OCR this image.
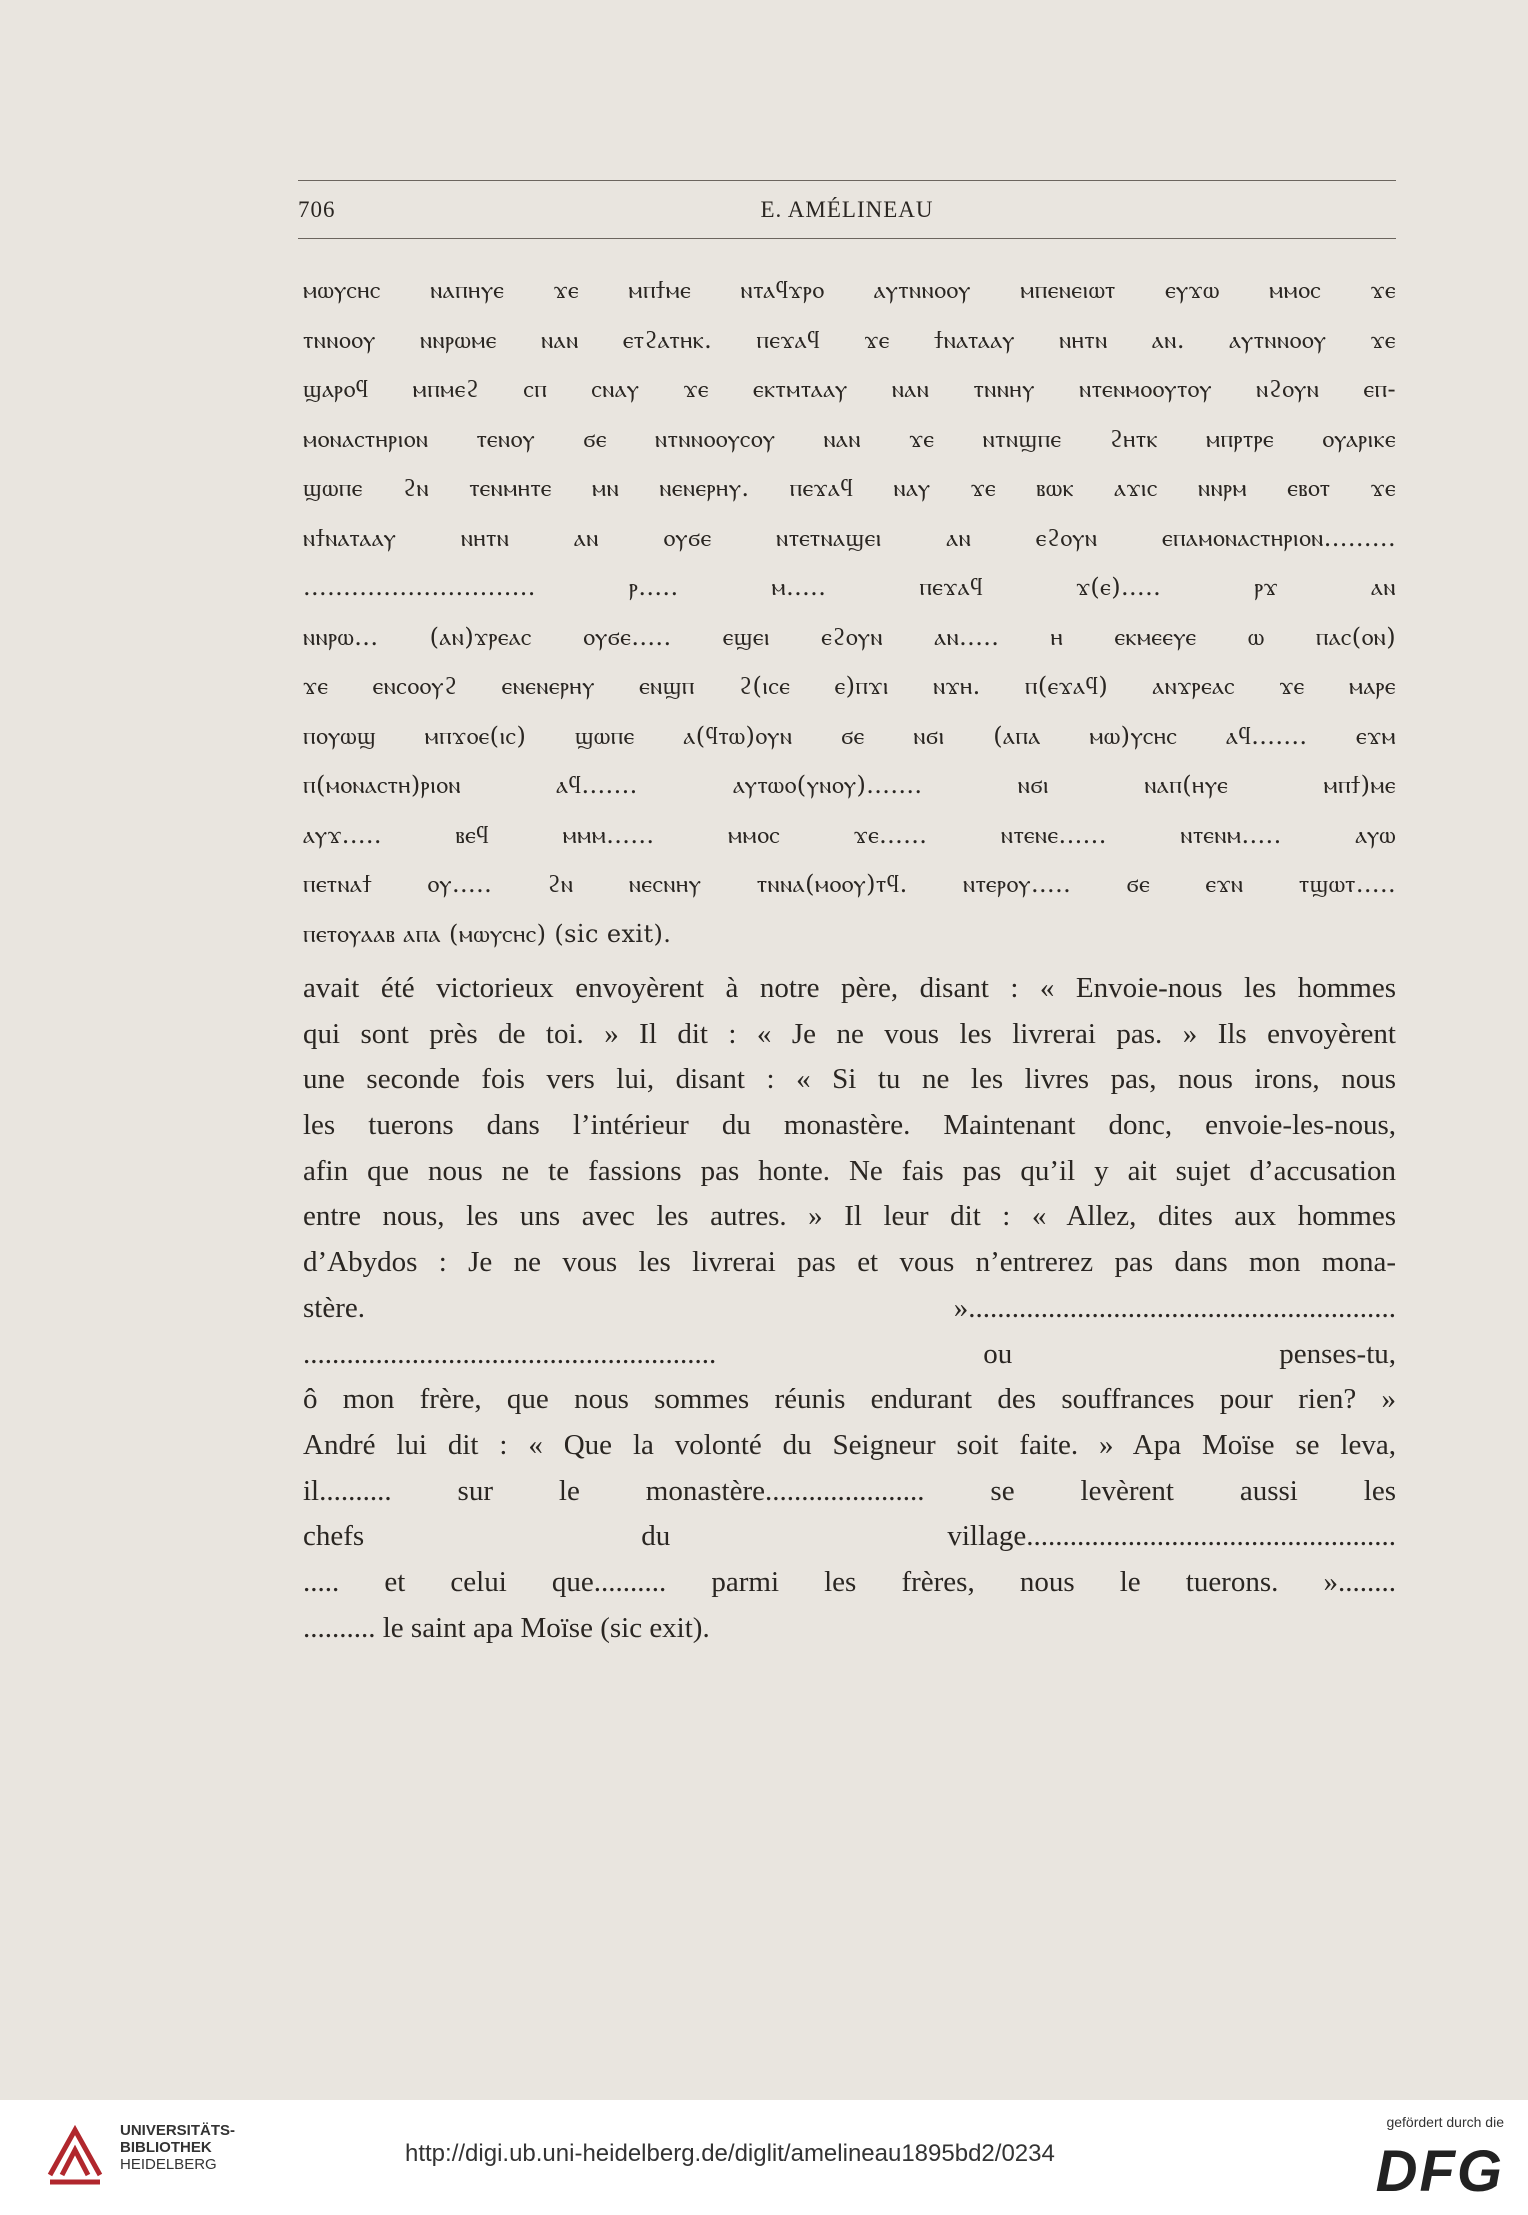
706	E. AMÉLINEAU
ⲙⲱⲩⲥⲏⲥ ⲛⲁⲡⲏⲩⲉ ϫⲉ ⲙⲡϯⲙⲉ ⲛⲧⲁϥϫⲣⲟ ⲁⲩⲧⲛⲛⲟⲟⲩ ⲙⲡⲉⲛⲉⲓⲱⲧ ⲉⲩϫⲱ ⲙⲙⲟⲥ ϫⲉ
ⲧⲛⲛⲟⲟⲩ ⲛⲛⲣⲱⲙⲉ ⲛⲁⲛ ⲉⲧϩⲁⲧⲏⲕ. ⲡⲉϫⲁϥ ϫⲉ ϯⲛⲁⲧⲁⲁⲩ ⲛⲏⲧⲛ ⲁⲛ. ⲁⲩⲧⲛⲛⲟⲟⲩ ϫⲉ
ϣⲁⲣⲟϥ ⲙⲡⲙⲉϩ ⲥⲡ ⲥⲛⲁⲩ ϫⲉ ⲉⲕⲧⲙⲧⲁⲁⲩ ⲛⲁⲛ ⲧⲛⲛⲏⲩ ⲛⲧⲉⲛⲙⲟⲟⲩⲧⲟⲩ ⲛϩⲟⲩⲛ ⲉⲡ-
ⲙⲟⲛⲁⲥⲧⲏⲣⲓⲟⲛ ⲧⲉⲛⲟⲩ ϭⲉ ⲛⲧⲛⲛⲟⲟⲩⲥⲟⲩ ⲛⲁⲛ ϫⲉ ⲛⲧⲛϣⲡⲉ ϩⲏⲧⲕ ⲙⲡⲣⲧⲣⲉ ⲟⲩⲁⲣⲓⲕⲉ
ϣⲱⲡⲉ ϩⲛ ⲧⲉⲛⲙⲏⲧⲉ ⲙⲛ ⲛⲉⲛⲉⲣⲏⲩ. ⲡⲉϫⲁϥ ⲛⲁⲩ ϫⲉ ⲃⲱⲕ ⲁϫⲓⲥ ⲛⲛⲣⲙ ⲉⲃⲟⲧ ϫⲉ
ⲛϯⲛⲁⲧⲁⲁⲩ ⲛⲏⲧⲛ ⲁⲛ ⲟⲩϭⲉ ⲛⲧⲉⲧⲛⲁϣⲉⲓ ⲁⲛ ⲉϩⲟⲩⲛ ⲉⲡⲁⲙⲟⲛⲁⲥⲧⲏⲣⲓⲟⲛ.........
............................. ⲣ..... ⲙ..... ⲡⲉϫⲁϥ ϫ(ⲉ)..... ⲣϫ ⲁⲛ
ⲛⲛⲣⲱ... (ⲁⲛ)ϫⲣⲉⲁⲥ ⲟⲩϭⲉ..... ⲉϣⲉⲓ ⲉϩⲟⲩⲛ ⲁⲛ..... ⲏ ⲉⲕⲙⲉⲉⲩⲉ ⲱ ⲡⲁⲥ(ⲟⲛ)
ϫⲉ ⲉⲛⲥⲟⲟⲩϩ ⲉⲛⲉⲛⲉⲣⲏⲩ ⲉⲛϣⲡ ϩ(ⲓⲥⲉ ⲉ)ⲡϫⲓ ⲛϫⲏ. ⲡ(ⲉϫⲁϥ) ⲁⲛϫⲣⲉⲁⲥ ϫⲉ ⲙⲁⲣⲉ
ⲡⲟⲩⲱϣ ⲙⲡϫⲟⲉ(ⲓⲥ) ϣⲱⲡⲉ ⲁ(ϥⲧⲱ)ⲟⲩⲛ ϭⲉ ⲛϭⲓ (ⲁⲡⲁ ⲙⲱ)ⲩⲥⲏⲥ ⲁϥ....... ⲉϫⲙ
ⲡ(ⲙⲟⲛⲁⲥⲧⲏ)ⲣⲓⲟⲛ ⲁϥ....... ⲁⲩⲧⲱⲟ(ⲩⲛⲟⲩ)....... ⲛϭⲓ ⲛⲁⲡ(ⲏⲩⲉ ⲙⲡϯ)ⲙⲉ
ⲁⲩϫ..... ⲃⲉϥ ⲙⲙⲙ...... ⲙⲙⲟⲥ ϫⲉ...... ⲛⲧⲉⲛⲉ...... ⲛⲧⲉⲛⲙ..... ⲁⲩⲱ
ⲡⲉⲧⲛⲁϯ ⲟⲩ..... ϩⲛ ⲛⲉⲥⲛⲏⲩ ⲧⲛⲛⲁ(ⲙⲟⲟⲩ)ⲧϥ. ⲛⲧⲉⲣⲟⲩ..... ϭⲉ ⲉϫⲛ ⲧϣⲱⲧ.....
ⲡⲉⲧⲟⲩⲁⲁⲃ ⲁⲡⲁ (ⲙⲱⲩⲥⲏⲥ) (sic exit).
avait été victorieux envoyèrent à notre père, disant : « Envoie-nous les hommes
qui sont près de toi. » Il dit : « Je ne vous les livrerai pas. » Ils envoyèrent
une seconde fois vers lui, disant : « Si tu ne les livres pas, nous irons, nous
les tuerons dans l’intérieur du monastère. Maintenant donc, envoie-les-nous,
afin que nous ne te fassions pas honte. Ne fais pas qu’il y ait sujet d’accusation
entre nous, les uns avec les autres. » Il leur dit : « Allez, dites aux hommes
d’Abydos : Je ne vous les livrerai pas et vous n’entrerez pas dans mon mona-
stère. »...........................................................
......................................................... ou penses-tu,
ô mon frère, que nous sommes réunis endurant des souffrances pour rien? »
André lui dit : « Que la volonté du Seigneur soit faite. » Apa Moïse se leva,
il.......... sur le monastère...................... se levèrent aussi les
chefs du village...................................................
..... et celui que.......... parmi les frères, nous le tuerons. »........
.......... le saint apa Moïse (sic exit).
UNIVERSITÄTS-
BIBLIOTHEK
HEIDELBERG	http://digi.ub.uni-heidelberg.de/diglit/amelineau1895bd2/0234
gefördert durch die
DFG
